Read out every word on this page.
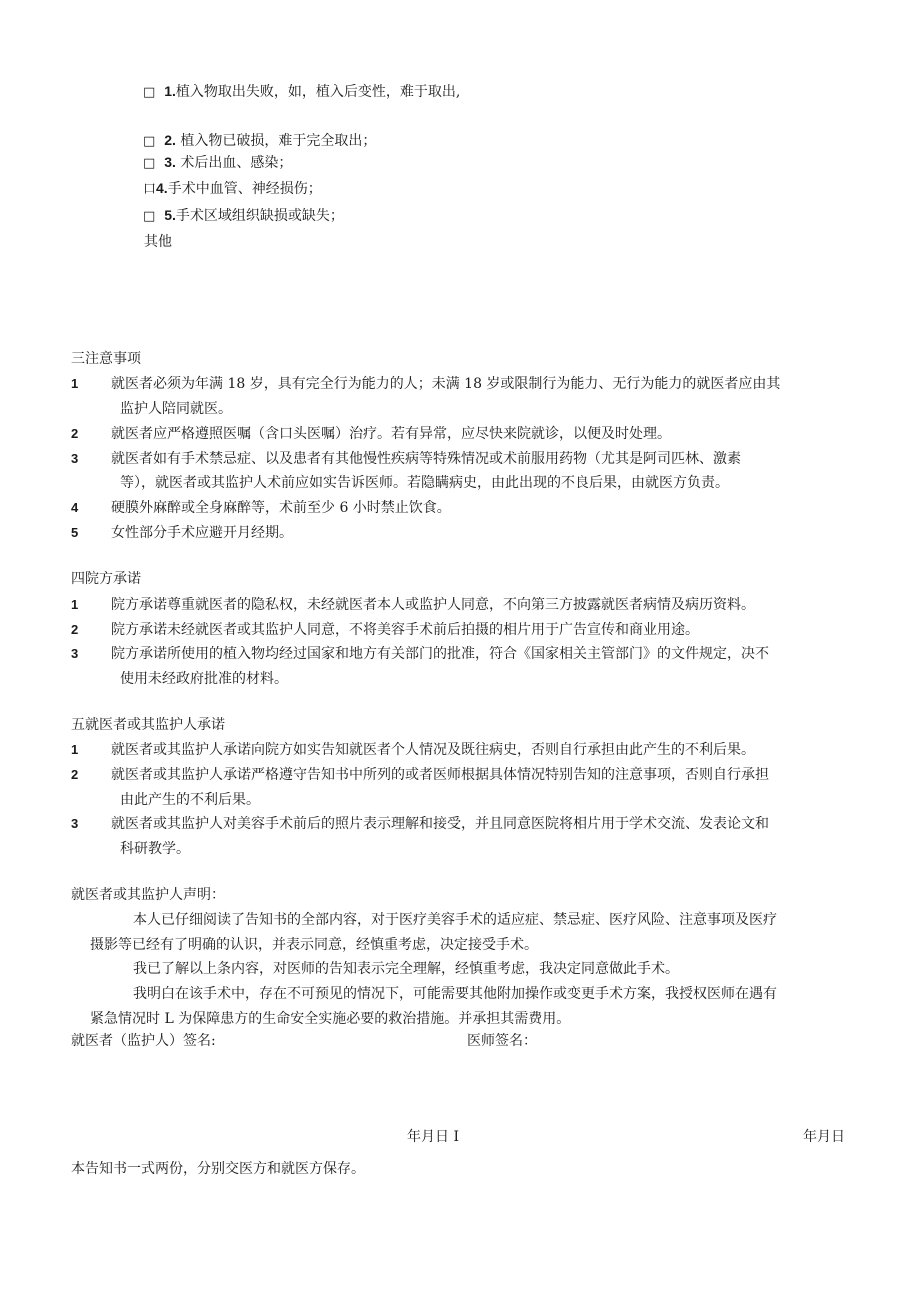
□ 1.植入物取出失败，如，植入后变性，难于取出,
□ 2. 植入物已破损，难于完全取出；
□ 3. 术后出血、感染；
口4.手术中血管、神经损伤；
□ 5.手术区域组织缺损或缺失；
其他
三注意事项
1 就医者必须为年满 18 岁，具有完全行为能力的人；未满 18 岁或限制行为能力、无行为能力的就医者应由其
监护人陪同就医。
2 就医者应严格遵照医嘱（含口头医嘱）治疗。若有异常，应尽快来院就诊，以便及时处理。
3 就医者如有手术禁忌症、以及患者有其他慢性疾病等特殊情况或术前服用药物（尤其是阿司匹林、激素
等），就医者或其监护人术前应如实告诉医师。若隐瞒病史，由此出现的不良后果，由就医方负责。
4 硬膜外麻醉或全身麻醉等，术前至少 6 小时禁止饮食。
5 女性部分手术应避开月经期。
四院方承诺
1 院方承诺尊重就医者的隐私权，未经就医者本人或监护人同意，不向第三方披露就医者病情及病历资料。
2 院方承诺未经就医者或其监护人同意，不将美容手术前后拍摄的相片用于广告宣传和商业用途。
3 院方承诺所使用的植入物均经过国家和地方有关部门的批准，符合《国家相关主管部门》的文件规定，决不
使用未经政府批准的材料。
五就医者或其监护人承诺
1 就医者或其监护人承诺向院方如实告知就医者个人情况及既往病史，否则自行承担由此产生的不利后果。
2 就医者或其监护人承诺严格遵守告知书中所列的或者医师根据具体情况特别告知的注意事项，否则自行承担
由此产生的不利后果。
3 就医者或其监护人对美容手术前后的照片表示理解和接受，并且同意医院将相片用于学术交流、发表论文和
科研教学。
就医者或其监护人声明：
本人已仔细阅读了告知书的全部内容，对于医疗美容手术的适应症、禁忌症、医疗风险、注意事项及医疗
摄影等已经有了明确的认识，并表示同意，经慎重考虑，决定接受手术。
我已了解以上条内容，对医师的告知表示完全理解，经慎重考虑，我决定同意做此手术。
我明白在该手术中，存在不可预见的情况下，可能需要其他附加操作或变更手术方案，我授权医师在遇有
紧急情况时 L 为保障患方的生命安全实施必要的救治措施。并承担其需费用。
就医者（监护人）签名:	医师签名：
年月日 I	年月日
本告知书一式两份，分别交医方和就医方保存。
